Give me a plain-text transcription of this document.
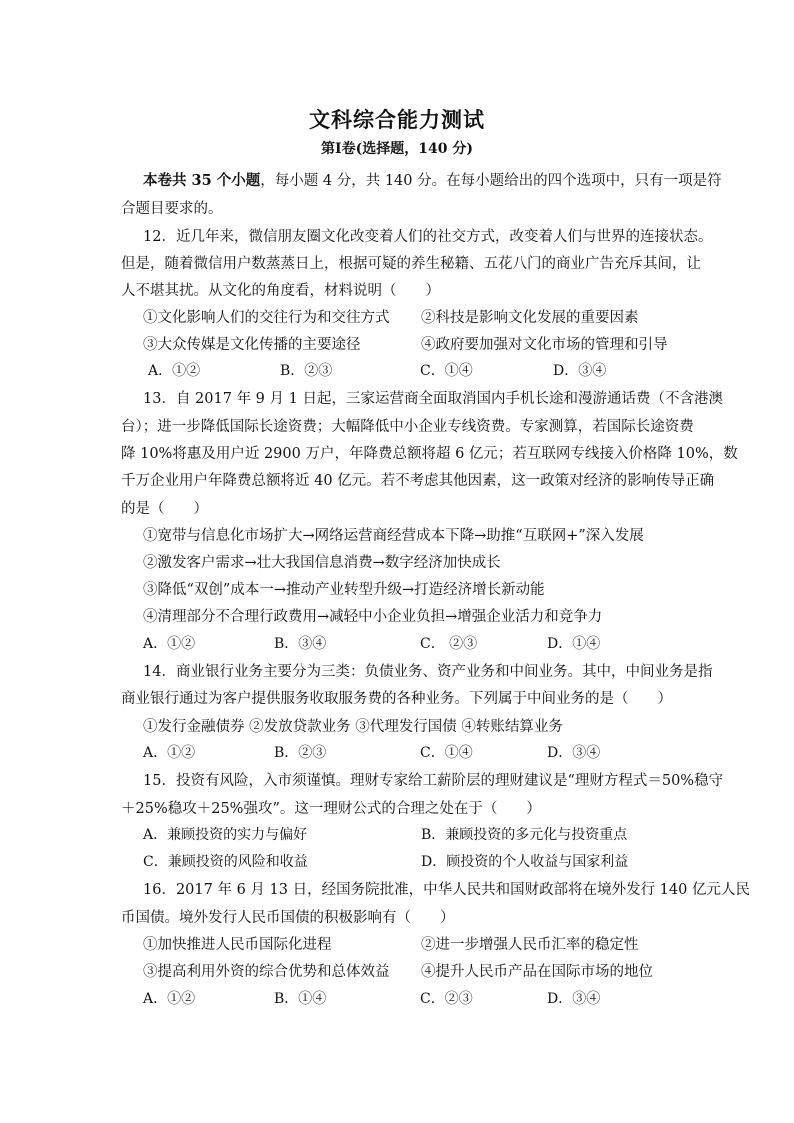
文科综合能力测试
第Ⅰ卷(选择题，140 分)
本卷共 35 个小题，每小题 4 分，共 140 分。在每小题给出的四个选项中，只有一项是符
合题目要求的。
12．近几年来，微信朋友圈文化改变着人们的社交方式，改变着人们与世界的连接状态。
但是，随着微信用户数蒸蒸日上，根据可疑的养生秘籍、五花八门的商业广告充斥其间，让
人不堪其扰。从文化的角度看，材料说明（　　）
①文化影响人们的交往行为和交往方式 ②科技是影响文化发展的重要因素
③大众传媒是文化传播的主要途径	④政府要加强对文化市场的管理和引导
A．①②	B．②③	C．①④	D．③④
13．自 2017 年 9 月 1 日起，三家运营商全面取消国内手机长途和漫游通话费（不含港澳
台）；进一步降低国际长途资费；大幅降低中小企业专线资费。专家测算，若国际长途资费
降 10%将惠及用户近 2900 万户，年降费总额将超 6 亿元；若互联网专线接入价格降 10%，数
千万企业用户年降费总额将近 40 亿元。若不考虑其他因素，这一政策对经济的影响传导正确
的是（　　）
①宽带与信息化市场扩大→网络运营商经营成本下降→助推“互联网+”深入发展
②激发客户需求→壮大我国信息消费→数字经济加快成长
③降低“双创”成本一→推动产业转型升级→打造经济增长新动能
④清理部分不合理行政费用→减轻中小企业负担→增强企业活力和竞争力
A．①②	B．③④	C． ②③	D．①④
14．商业银行业务主要分为三类：负债业务、资产业务和中间业务。其中，中间业务是指
商业银行通过为客户提供服务收取服务费的各种业务。下列属于中间业务的是（　　）
①发行金融债券 ②发放贷款业务 ③代理发行国债 ④转账结算业务
A．①②	B．②③	C．①④	D．③④
15．投资有风险，入市须谨慎。理财专家给工薪阶层的理财建议是“理财方程式＝50%稳守
＋25%稳攻＋25%强攻”。这一理财公式的合理之处在于（　　）
A．兼顾投资的实力与偏好	B．兼顾投资的多元化与投资重点
C．兼顾投资的风险和收益	D．顾投资的个人收益与国家利益
16．2017 年 6 月 13 日，经国务院批准，中华人民共和国财政部将在境外发行 140 亿元人民
币国债。境外发行人民币国债的积极影响有（　　）
①加快推进人民币国际化进程	②进一步增强人民币汇率的稳定性
③提高利用外资的综合优势和总体效益 ④提升人民币产品在国际市场的地位
A．①②	B．①④	C．②③	D．③④
